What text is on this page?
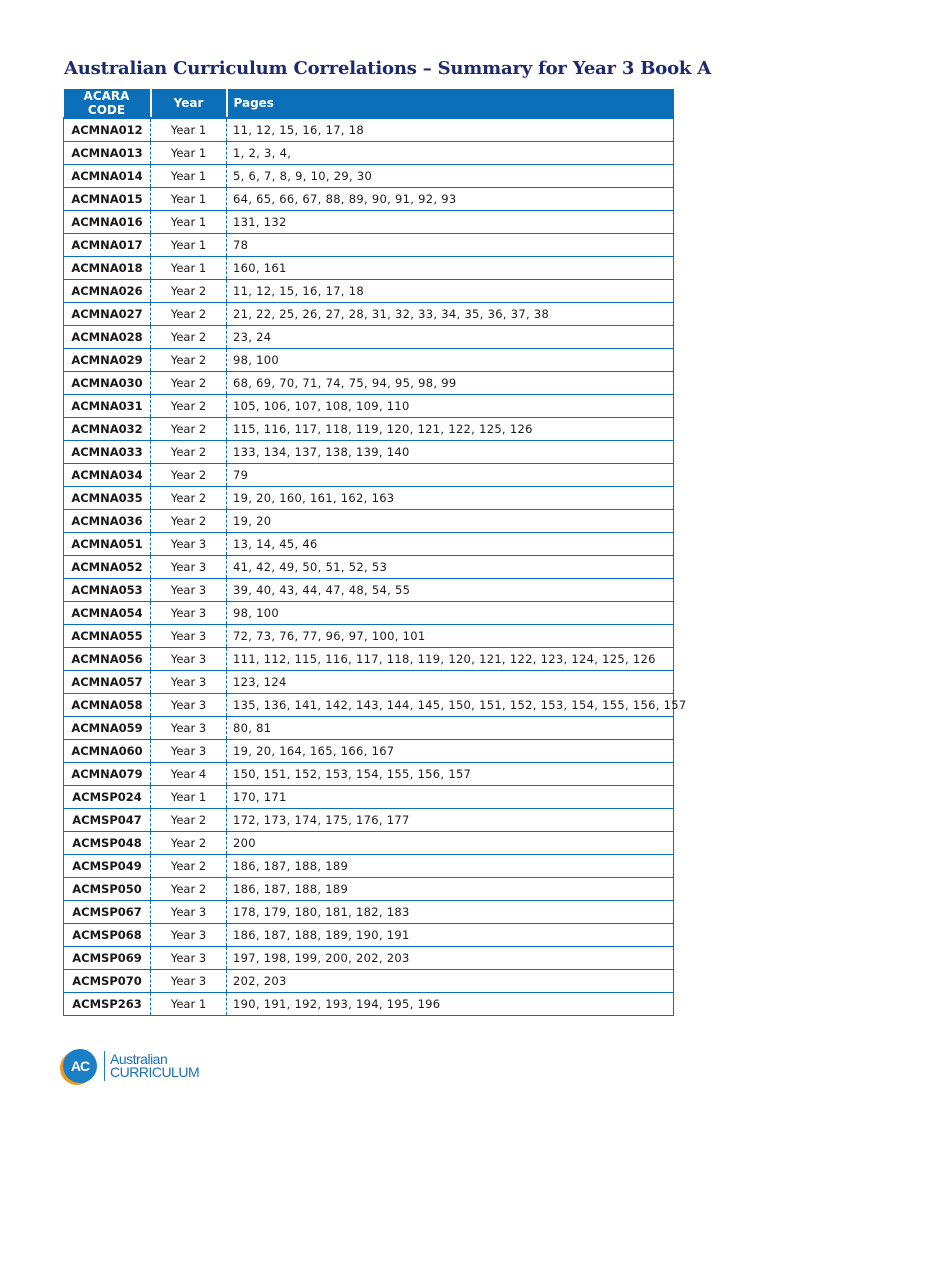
Australian Curriculum Correlations – Summary for Year 3 Book A
ACARA CODE	Year	Pages
ACMNA012	Year 1	11, 12, 15, 16, 17, 18
ACMNA013	Year 1	1, 2, 3, 4,
ACMNA014	Year 1	5, 6, 7, 8, 9, 10, 29, 30
ACMNA015	Year 1	64, 65, 66, 67, 88, 89, 90, 91, 92, 93
ACMNA016	Year 1	131, 132
ACMNA017	Year 1	78
ACMNA018	Year 1	160, 161
ACMNA026	Year 2	11, 12, 15, 16, 17, 18
ACMNA027	Year 2	21, 22, 25, 26, 27, 28, 31, 32, 33, 34, 35, 36, 37, 38
ACMNA028	Year 2	23, 24
ACMNA029	Year 2	98, 100
ACMNA030	Year 2	68, 69, 70, 71, 74, 75, 94, 95, 98, 99
ACMNA031	Year 2	105, 106, 107, 108, 109, 110
ACMNA032	Year 2	115, 116, 117, 118, 119, 120, 121, 122, 125, 126
ACMNA033	Year 2	133, 134, 137, 138, 139, 140
ACMNA034	Year 2	79
ACMNA035	Year 2	19, 20, 160, 161, 162, 163
ACMNA036	Year 2	19, 20
ACMNA051	Year 3	13, 14, 45, 46
ACMNA052	Year 3	41, 42, 49, 50, 51, 52, 53
ACMNA053	Year 3	39, 40, 43, 44, 47, 48, 54, 55
ACMNA054	Year 3	98, 100
ACMNA055	Year 3	72, 73, 76, 77, 96, 97, 100, 101
ACMNA056	Year 3	111, 112, 115, 116, 117, 118, 119, 120, 121, 122, 123, 124, 125, 126
ACMNA057	Year 3	123, 124
ACMNA058	Year 3	135, 136, 141, 142, 143, 144, 145, 150, 151, 152, 153, 154, 155, 156, 157
ACMNA059	Year 3	80, 81
ACMNA060	Year 3	19, 20, 164, 165, 166, 167
ACMNA079	Year 4	150, 151, 152, 153, 154, 155, 156, 157
ACMSP024	Year 1	170, 171
ACMSP047	Year 2	172, 173, 174, 175, 176, 177
ACMSP048	Year 2	200
ACMSP049	Year 2	186, 187, 188, 189
ACMSP050	Year 2	186, 187, 188, 189
ACMSP067	Year 3	178, 179, 180, 181, 182, 183
ACMSP068	Year 3	186, 187, 188, 189, 190, 191
ACMSP069	Year 3	197, 198, 199, 200, 202, 203
ACMSP070	Year 3	202, 203
ACMSP263	Year 1	190, 191, 192, 193, 194, 195, 196
AC	Australian
CURRICULUM
